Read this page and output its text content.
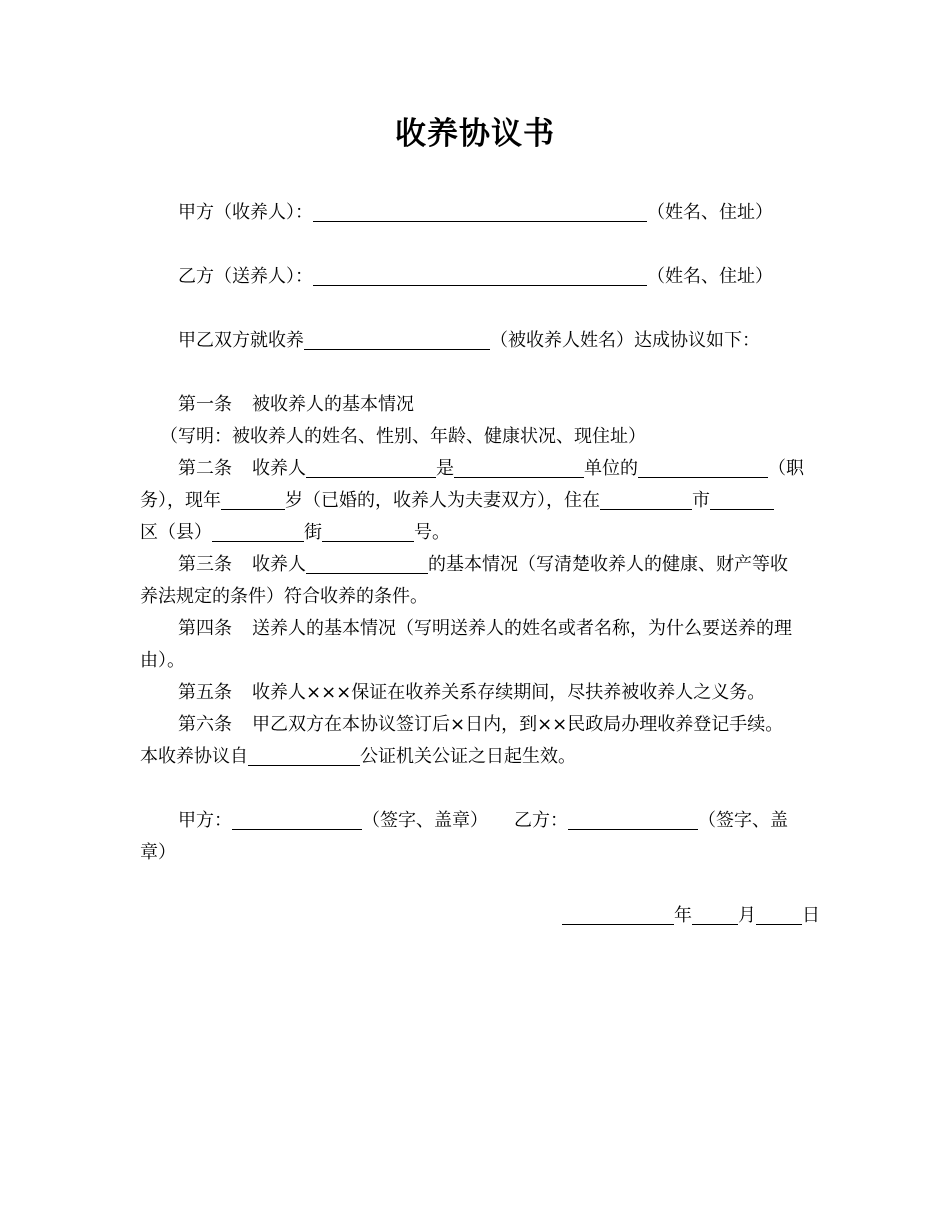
收养协议书
甲方（收养人）：	（姓名、住址）
乙方（送养人）：	（姓名、住址）
甲乙双方就收养	（被收养人姓名）达成协议如下：
第一条 被收养人的基本情况
（写明：被收养人的姓名、性别、年龄、健康状况、现住址）
第二条 收养人	是	单位的	（职
务），现年	岁（已婚的，收养人为夫妻双方），住在	市
区（县）	街	号。
第三条 收养人	的基本情况（写清楚收养人的健康、财产等收
养法规定的条件）符合收养的条件。
第四条 送养人的基本情况（写明送养人的姓名或者名称，为什么要送养的理
由）。
第五条 收养人×××保证在收养关系存续期间，尽扶养被收养人之义务。
第六条 甲乙双方在本协议签订后×日内，到××民政局办理收养登记手续。
本收养协议自	公证机关公证之日起生效。
甲方：	（签字、盖章） 乙方：	（签字、盖
章）
年	月	日
